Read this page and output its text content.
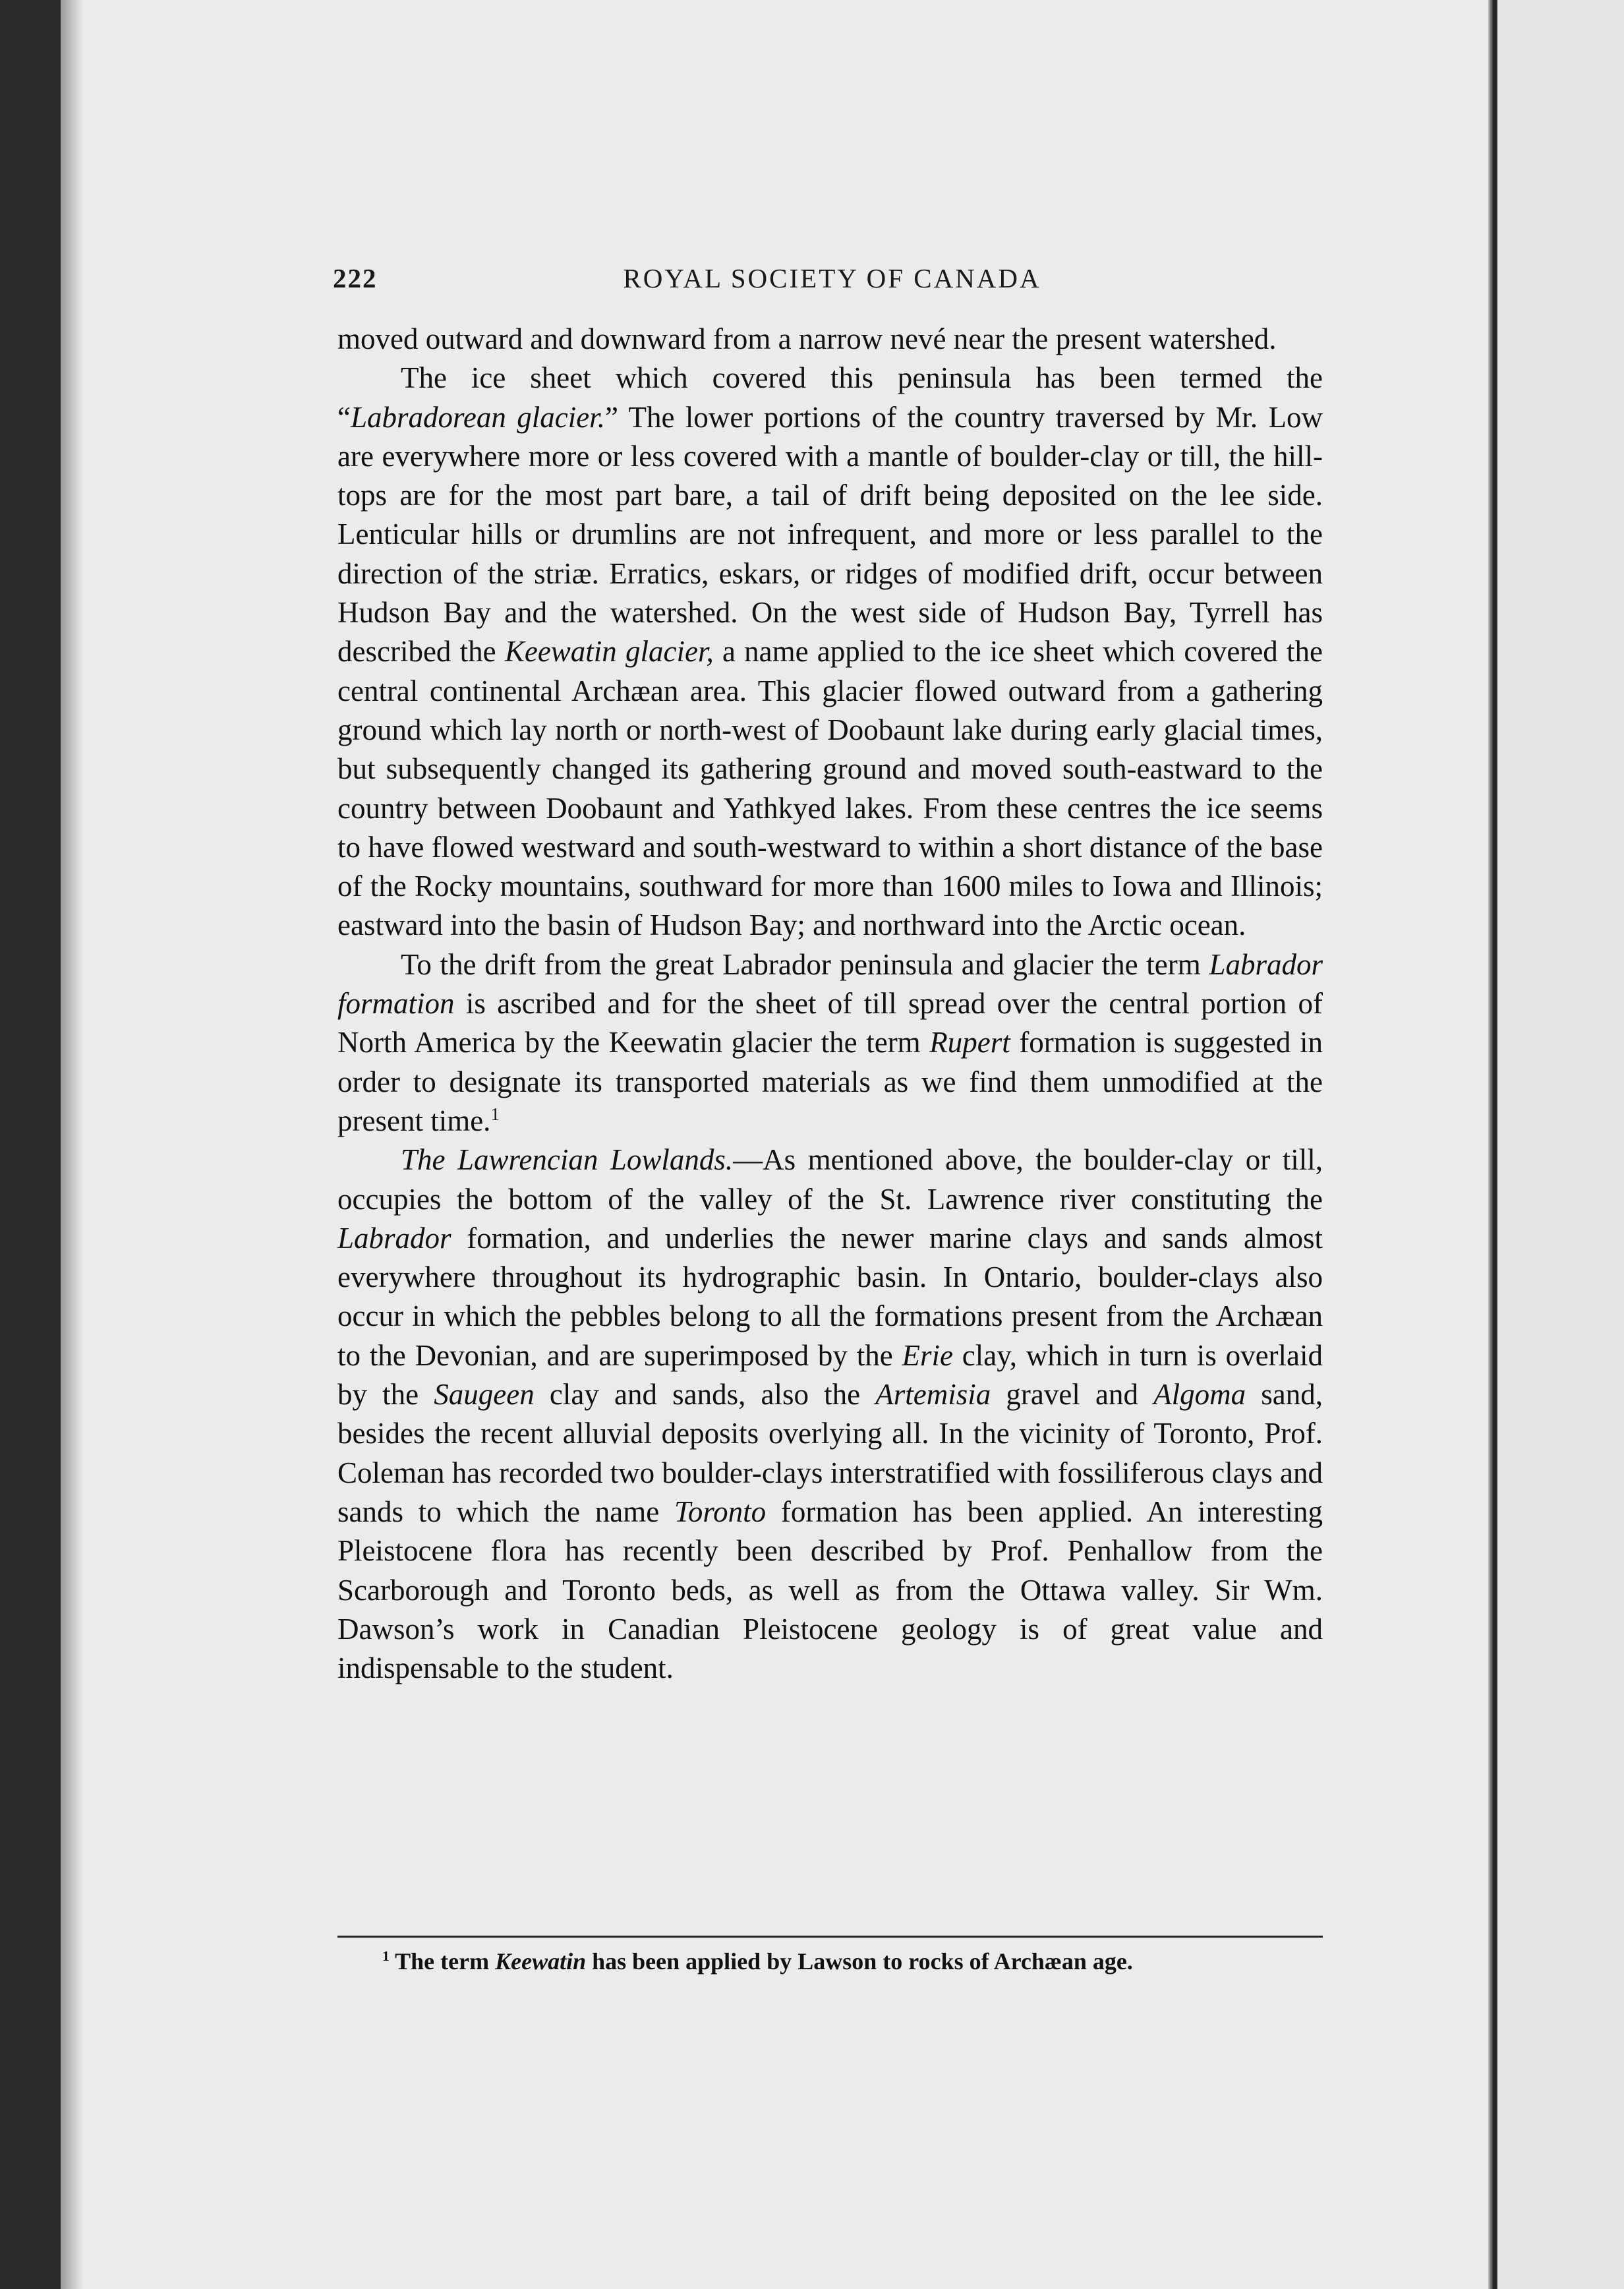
222	ROYAL SOCIETY OF CANADA

moved outward and downward from a narrow nevé near the present watershed.

The ice sheet which covered this peninsula has been termed the “Labradorean glacier.” The lower portions of the country traversed by Mr. Low are everywhere more or less covered with a mantle of boulder-clay or till, the hill-tops are for the most part bare, a tail of drift being deposited on the lee side. Lenticular hills or drumlins are not infrequent, and more or less parallel to the direction of the striæ. Erratics, eskars, or ridges of modified drift, occur between Hudson Bay and the watershed. On the west side of Hudson Bay, Tyrrell has described the Keewatin glacier, a name applied to the ice sheet which covered the central continental Archæan area. This glacier flowed outward from a gathering ground which lay north or north-west of Doobaunt lake during early glacial times, but subsequently changed its gathering ground and moved south-eastward to the country between Doobaunt and Yathkyed lakes. From these centres the ice seems to have flowed westward and south-westward to within a short distance of the base of the Rocky mountains, southward for more than 1600 miles to Iowa and Illinois; eastward into the basin of Hudson Bay; and northward into the Arctic ocean.

To the drift from the great Labrador peninsula and glacier the term Labrador formation is ascribed and for the sheet of till spread over the central portion of North America by the Keewatin glacier the term Rupert formation is suggested in order to designate its transported materials as we find them unmodified at the present time.$^1$

The Lawrencian Lowlands.—As mentioned above, the boulder-clay or till, occupies the bottom of the valley of the St. Lawrence river constituting the Labrador formation, and underlies the newer marine clays and sands almost everywhere throughout its hydrographic basin. In Ontario, boulder-clays also occur in which the pebbles belong to all the formations present from the Archæan to the Devonian, and are superimposed by the Erie clay, which in turn is overlaid by the Saugeen clay and sands, also the Artemisia gravel and Algoma sand, besides the recent alluvial deposits overlying all. In the vicinity of Toronto, Prof. Coleman has recorded two boulder-clays interstratified with fossiliferous clays and sands to which the name Toronto formation has been applied. An interesting Pleistocene flora has recently been described by Prof. Penhallow from the Scarborough and Toronto beds, as well as from the Ottawa valley. Sir Wm. Dawson’s work in Canadian Pleistocene geology is of great value and indispensable to the student.

$^1$ The term Keewatin has been applied by Lawson to rocks of Archæan age.
